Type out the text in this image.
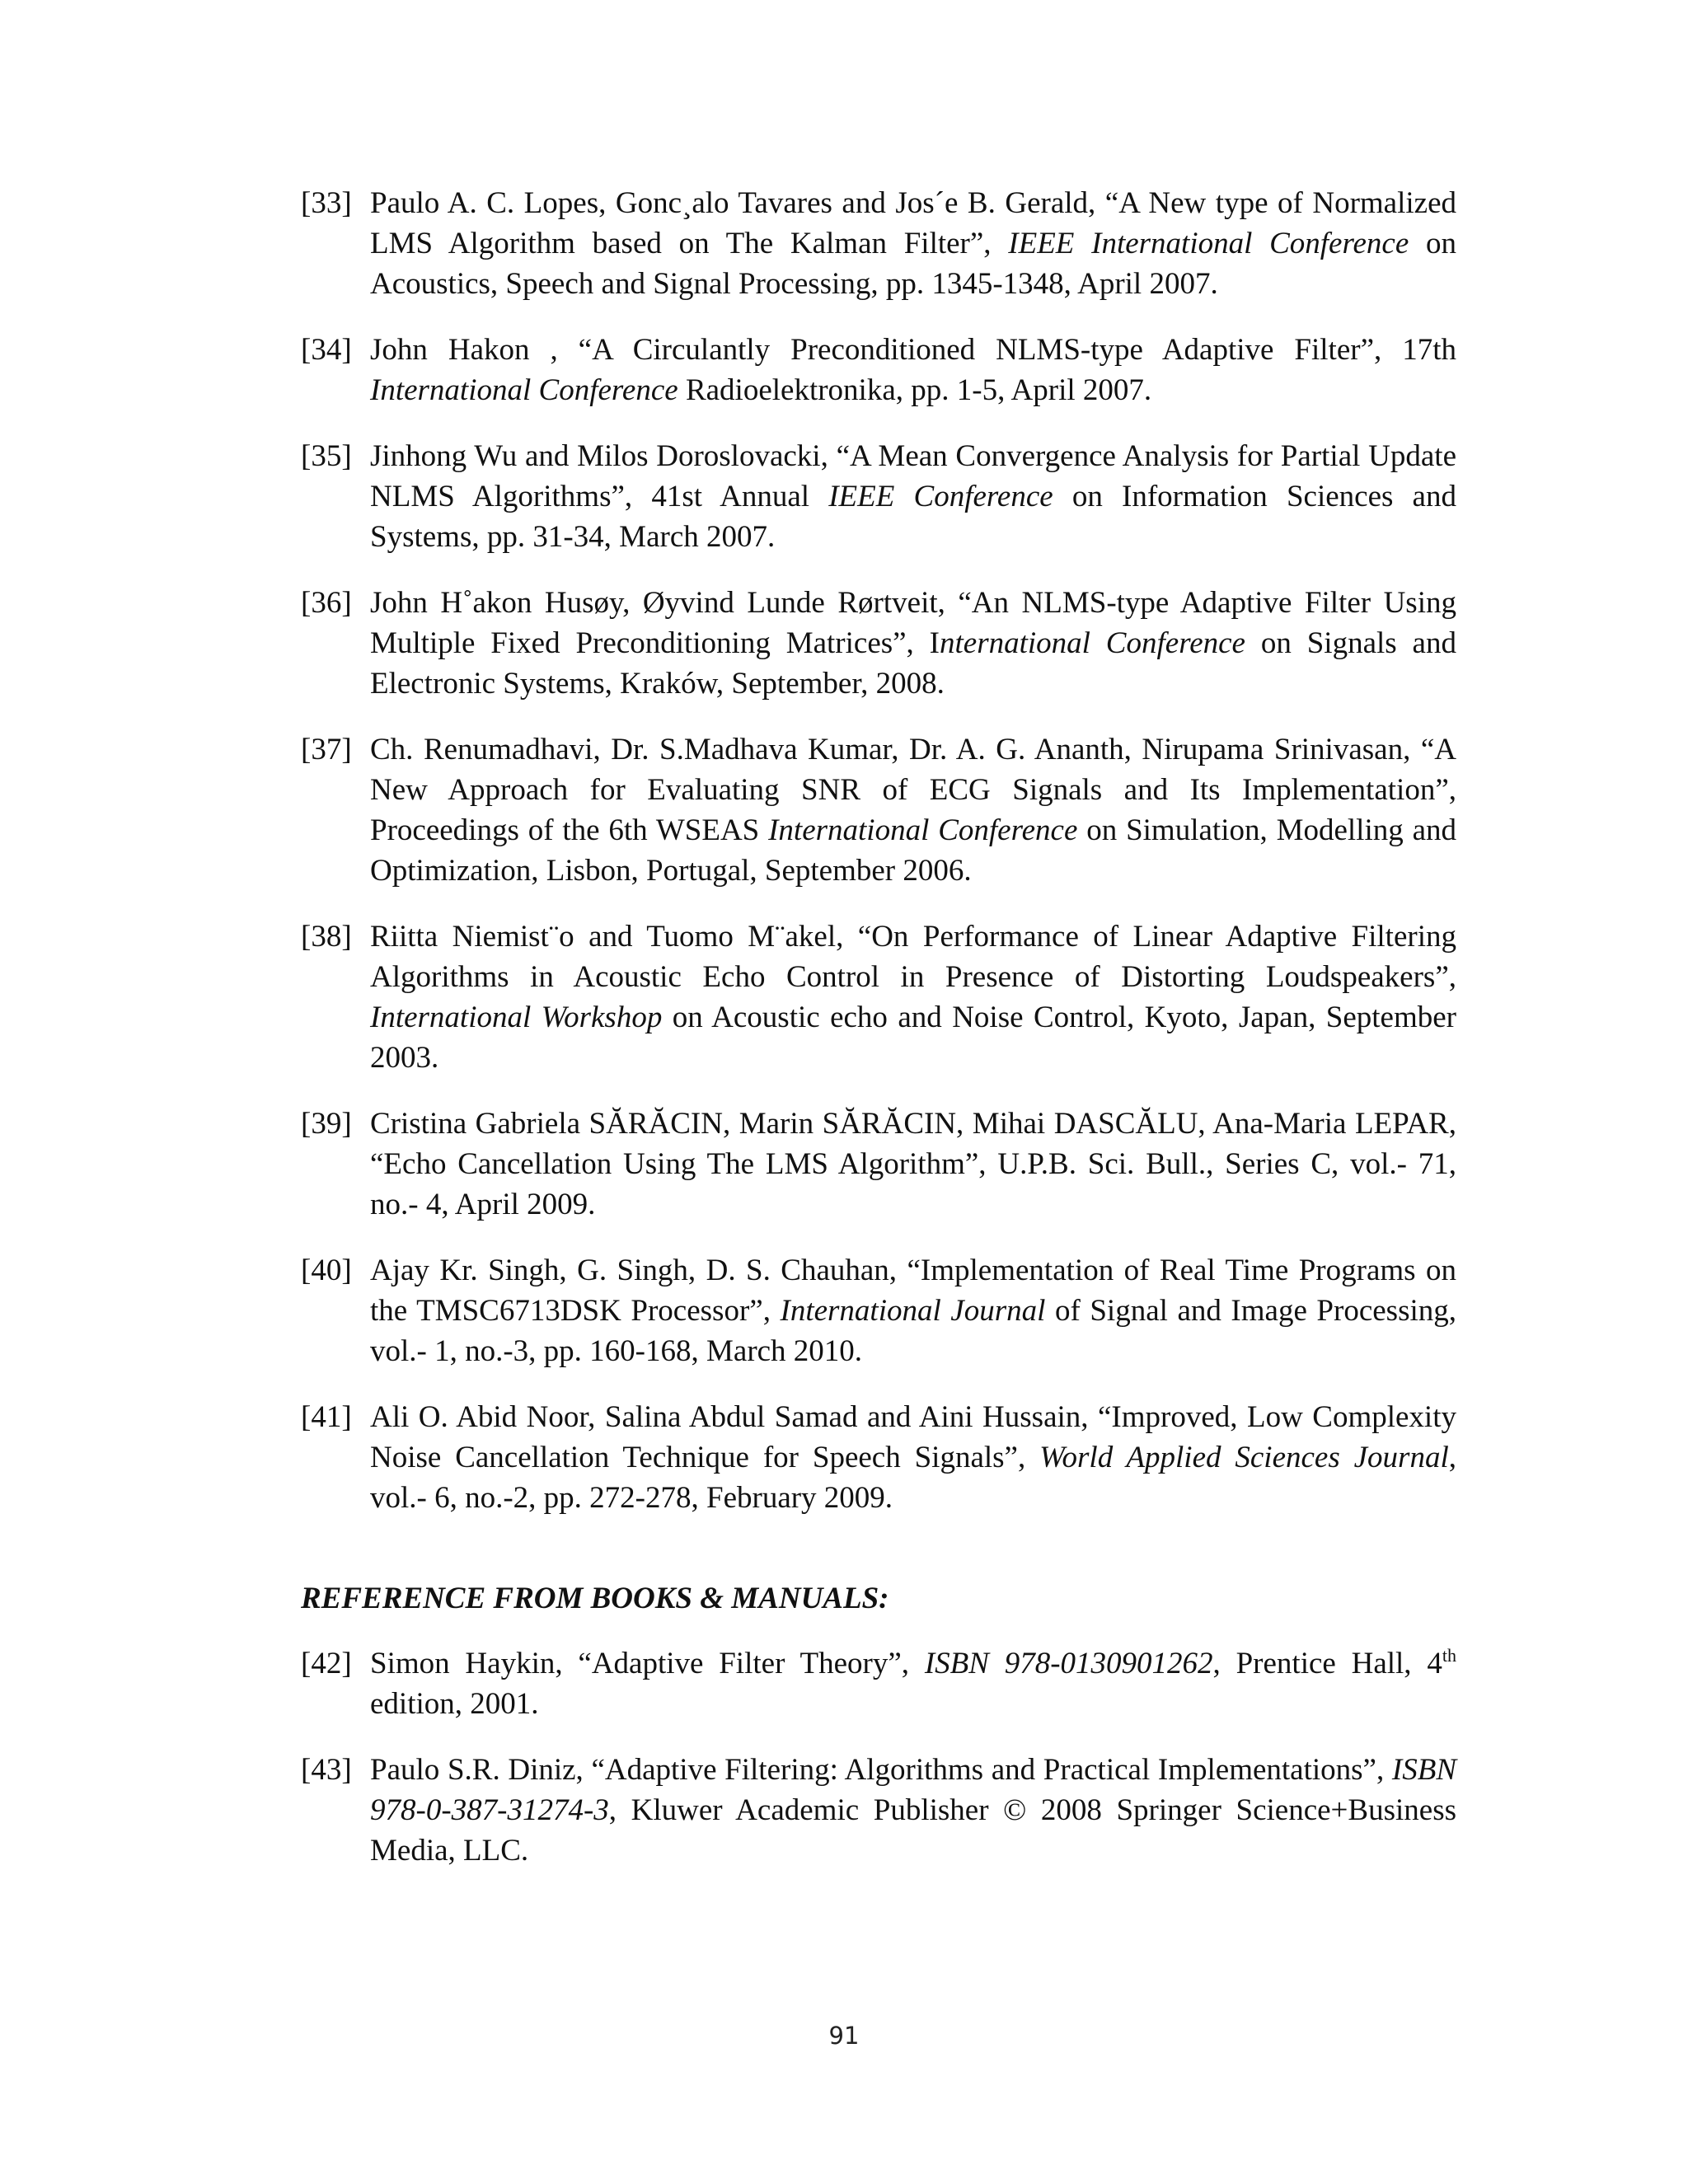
[33] Paulo A. C. Lopes, Gonc¸alo Tavares and Jos´e B. Gerald, “A New type of Normalized LMS Algorithm based on The Kalman Filter”, IEEE International Conference on Acoustics, Speech and Signal Processing, pp. 1345-1348, April 2007.
[34] John Hakon , “A Circulantly Preconditioned NLMS-type Adaptive Filter”, 17th International Conference Radioelektronika, pp. 1-5, April 2007.
[35] Jinhong Wu and Milos Doroslovacki, “A Mean Convergence Analysis for Partial Update NLMS Algorithms”, 41st Annual IEEE Conference on Information Sciences and Systems, pp. 31-34, March 2007.
[36] John H˚akon Husøy, Øyvind Lunde Rørtveit, “An NLMS-type Adaptive Filter Using Multiple Fixed Preconditioning Matrices”, International Conference on Signals and Electronic Systems, Kraków, September, 2008.
[37] Ch. Renumadhavi, Dr. S.Madhava Kumar, Dr. A. G. Ananth, Nirupama Srinivasan, “A New Approach for Evaluating SNR of ECG Signals and Its Implementation”, Proceedings of the 6th WSEAS International Conference on Simulation, Modelling and Optimization, Lisbon, Portugal, September 2006.
[38] Riitta Niemist¨o and Tuomo M¨akel, “On Performance of Linear Adaptive Filtering Algorithms in Acoustic Echo Control in Presence of Distorting Loudspeakers”, International Workshop on Acoustic echo and Noise Control, Kyoto, Japan, September 2003.
[39] Cristina Gabriela SĂRĂCIN, Marin SĂRĂCIN, Mihai DASCĂLU, Ana-Maria LEPAR, “Echo Cancellation Using The LMS Algorithm”, U.P.B. Sci. Bull., Series C, vol.- 71, no.- 4, April 2009.
[40] Ajay Kr. Singh, G. Singh, D. S. Chauhan, “Implementation of Real Time Programs on the TMSC6713DSK Processor”, International Journal of Signal and Image Processing, vol.- 1, no.-3, pp. 160-168, March 2010.
[41] Ali O. Abid Noor, Salina Abdul Samad and Aini Hussain, “Improved, Low Complexity Noise Cancellation Technique for Speech Signals”, World Applied Sciences Journal, vol.- 6, no.-2, pp. 272-278, February 2009.
REFERENCE FROM BOOKS & MANUALS:
[42] Simon Haykin, “Adaptive Filter Theory”, ISBN 978-0130901262, Prentice Hall, 4th edition, 2001.
[43] Paulo S.R. Diniz, “Adaptive Filtering: Algorithms and Practical Implementations”, ISBN 978-0-387-31274-3, Kluwer Academic Publisher © 2008 Springer Science+Business Media, LLC.
91
